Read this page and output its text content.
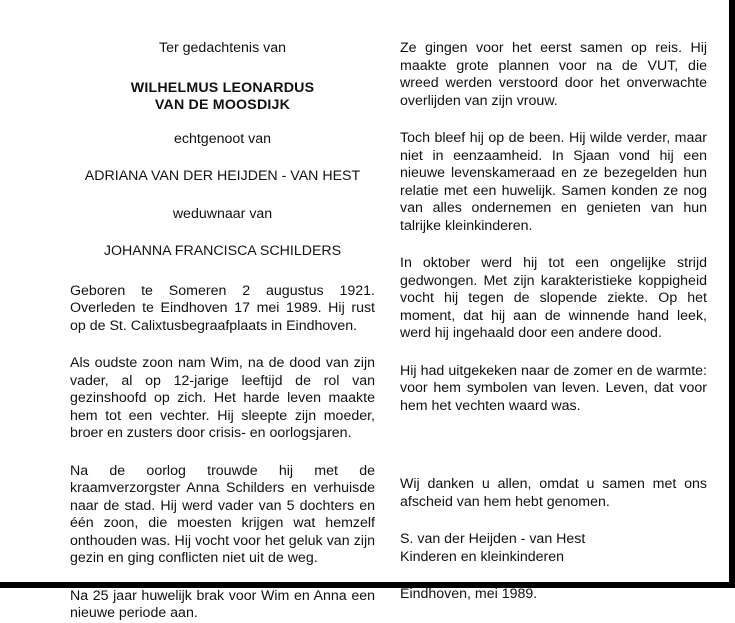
Ter gedachtenis van

WILHELMUS LEONARDUS

VAN DE MOOSDIJK

echtgenoot van

ADRIANA VAN DER HEIJDEN - VAN HEST

weduwnaar van

JOHANNA FRANCISCA SCHILDERS

Geboren te Someren 2 augustus 1921. Overleden te Eindhoven 17 mei 1989. Hij rust op de St. Calixtusbegraafplaats in Eindhoven.

Als oudste zoon nam Wim, na de dood van zijn vader, al op 12-jarige leeftijd de rol van gezinshoofd op zich. Het harde leven maakte hem tot een vechter. Hij sleepte zijn moeder, broer en zusters door crisis- en oorlogsjaren.

Na de oorlog trouwde hij met de kraamverzorgster Anna Schilders en verhuisde naar de stad. Hij werd vader van 5 dochters en één zoon, die moesten krijgen wat hemzelf onthouden was. Hij vocht voor het geluk van zijn gezin en ging conflicten niet uit de weg.

Na 25 jaar huwelijk brak voor Wim en Anna een nieuwe periode aan.

Ze gingen voor het eerst samen op reis. Hij maakte grote plannen voor na de VUT, die wreed werden verstoord door het onverwachte overlijden van zijn vrouw.

Toch bleef hij op de been. Hij wilde verder, maar niet in eenzaamheid. In Sjaan vond hij een nieuwe levenskameraad en ze bezegelden hun relatie met een huwelijk. Samen konden ze nog van alles ondernemen en genieten van hun talrijke kleinkinderen.

In oktober werd hij tot een ongelijke strijd gedwongen. Met zijn karakteristieke koppigheid vocht hij tegen de slopende ziekte. Op het moment, dat hij aan de winnende hand leek, werd hij ingehaald door een andere dood.

Hij had uitgekeken naar de zomer en de warmte: voor hem symbolen van leven. Leven, dat voor hem het vechten waard was.

Wij danken u allen, omdat u samen met ons afscheid van hem hebt genomen.

S. van der Heijden - van Hest

Kinderen en kleinkinderen

Eindhoven, mei 1989.
